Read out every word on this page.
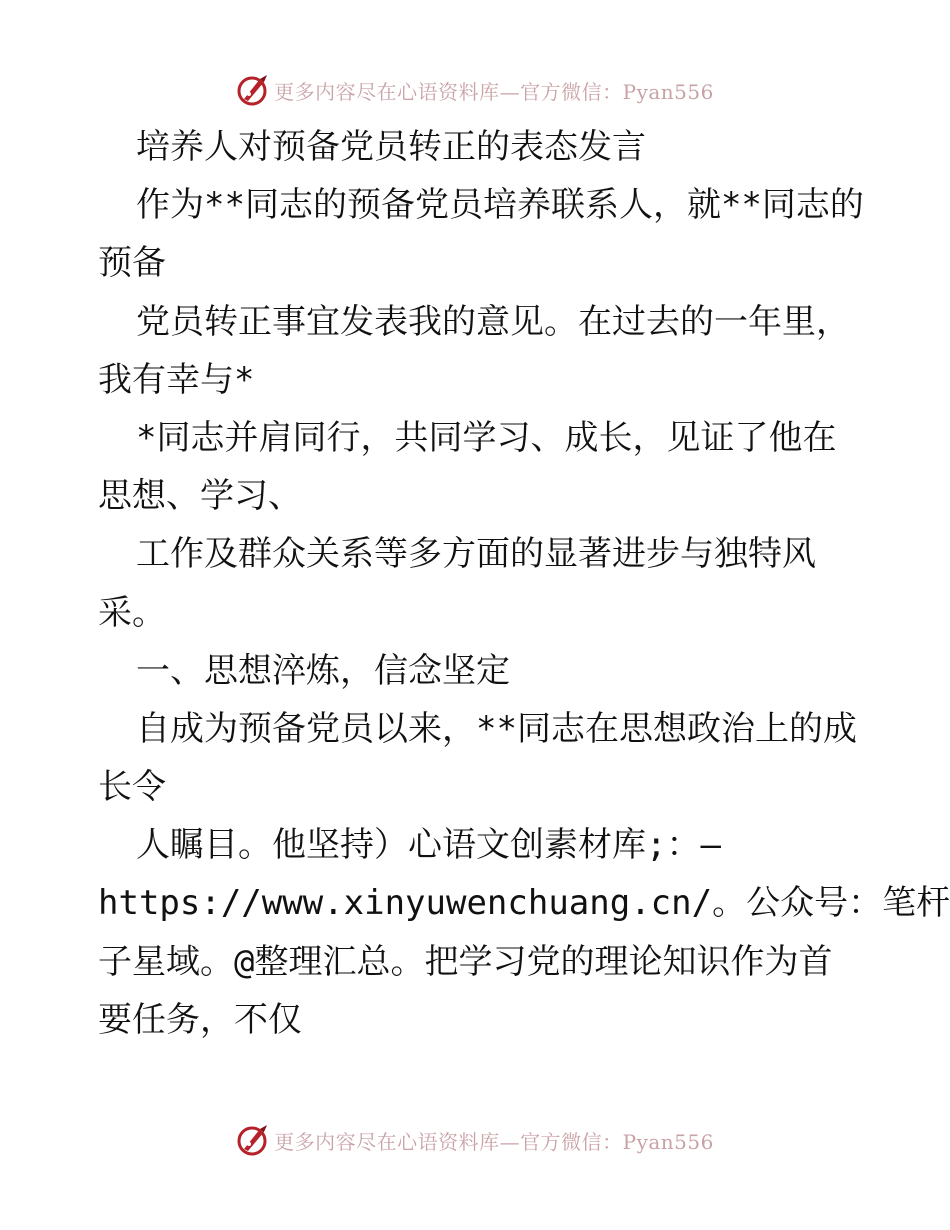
更多内容尽在心语资料库—官方微信：Pyan556
培养人对预备党员转正的表态发言
作为**同志的预备党员培养联系人，就**同志的
预备
党员转正事宜发表我的意见。在过去的一年里，
我有幸与*
*同志并肩同行，共同学习、成长，见证了他在
思想、学习、
工作及群众关系等多方面的显著进步与独特风
采。
一、思想淬炼，信念坚定
自成为预备党员以来，**同志在思想政治上的成
长令
人瞩目。他坚持）心语文创素材库;：—
https://www.xinyuwenchuang.cn/。公众号：笔杆
子星域。@整理汇总。把学习党的理论知识作为首
要任务，不仅
更多内容尽在心语资料库—官方微信：Pyan556
